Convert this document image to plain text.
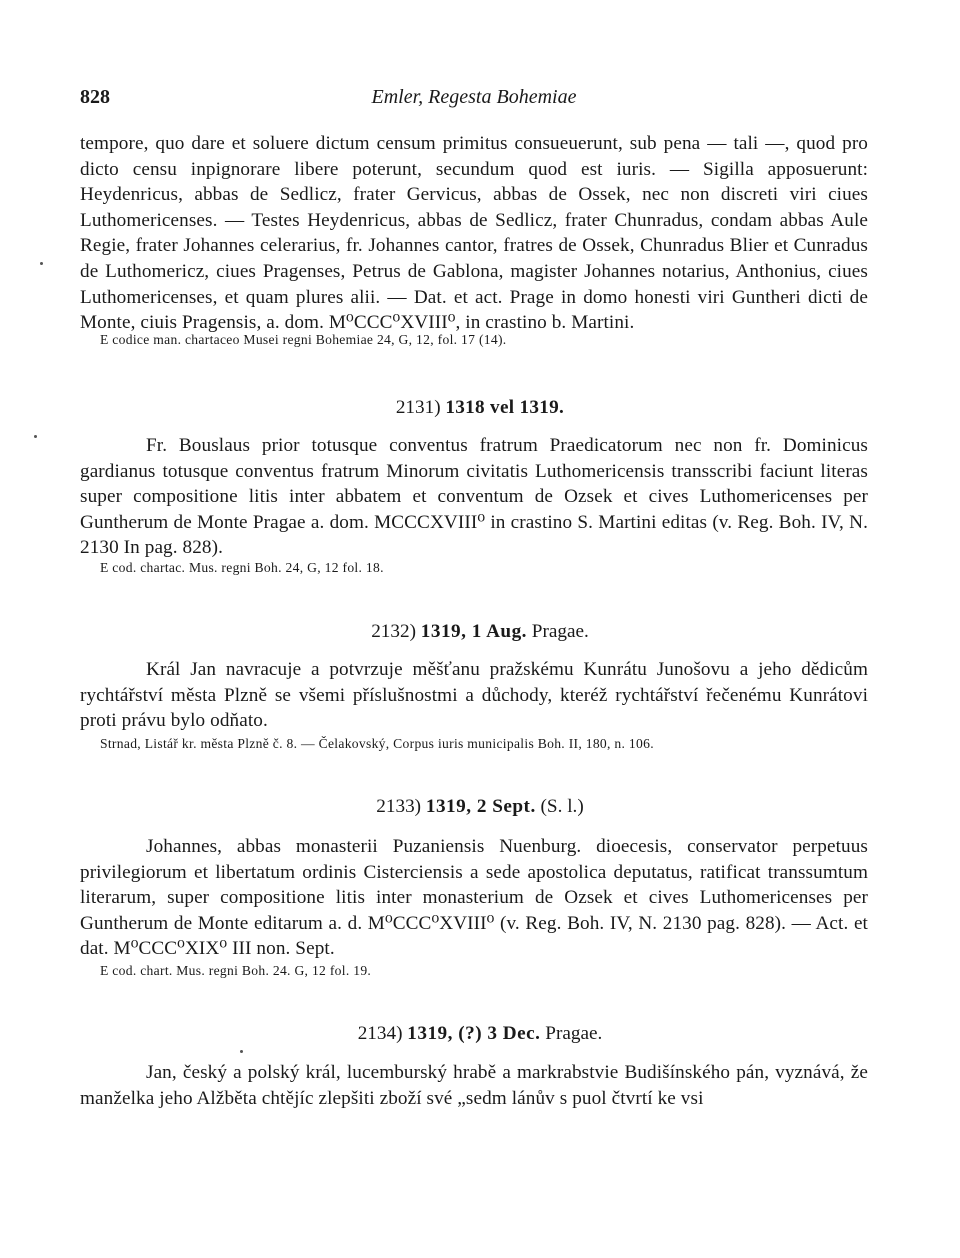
828	Emler, Regesta Bohemiae

tempore, quo dare et soluere dictum censum primitus consueuerunt, sub pena — tali —, quod pro dicto censu inpignorare libere poterunt, secundum quod est iuris. — Sigilla apposuerunt: Heydenricus, abbas de Sedlicz, frater Gervicus, abbas de Ossek, nec non discreti viri ciues Luthomericenses. — Testes Heydenricus, abbas de Sedlicz, frater Chunradus, condam abbas Aule Regie, frater Johannes celerarius, fr. Johannes cantor, fratres de Ossek, Chunradus Blier et Cunradus de Luthomericz, ciues Pragenses, Petrus de Gablona, magister Johannes notarius, Anthonius, ciues Luthomericenses, et quam plures alii. — Dat. et act. Prage in domo honesti viri Guntheri dicti de Monte, ciuis Pragensis, a. dom. M⁰CCC⁰XVIII⁰, in crastino b. Martini.

E codice man. chartaceo Musei regni Bohemiae 24, G, 12, fol. 17 (14).

2131) 1318 vel 1319.

Fr. Bouslaus prior totusque conventus fratrum Praedicatorum nec non fr. Dominicus gardianus totusque conventus fratrum Minorum civitatis Luthomericensis transscribi faciunt literas super compositione litis inter abbatem et conventum de Ozsek et cives Luthomericenses per Guntherum de Monte Pragae a. dom. MCCCXVIII⁰ in crastino S. Martini editas (v. Reg. Boh. IV, N. 2130 In pag. 828).

E cod. chartac. Mus. regni Boh. 24, G, 12 fol. 18.

2132) 1319, 1 Aug. Pragae.

Král Jan navracuje a potvrzuje měšťanu pražskému Kunrátu Junošovu a jeho dědicům rychtářství města Plzně se všemi příslušnostmi a důchody, kteréž rychtářství řečenému Kunrátovi proti právu bylo odňato.

Strnad, Listář kr. města Plzně č. 8. — Čelakovský, Corpus iuris municipalis Boh. II, 180, n. 106.

2133) 1319, 2 Sept. (S. l.)

Johannes, abbas monasterii Puzaniensis Nuenburg. dioecesis, conservator perpetuus privilegiorum et libertatum ordinis Cisterciensis a sede apostolica deputatus, ratificat transsumtum literarum, super compositione litis inter monasterium de Ozsek et cives Luthomericenses per Guntherum de Monte editarum a. d. M⁰CCC⁰XVIII⁰ (v. Reg. Boh. IV, N. 2130 pag. 828). — Act. et dat. M⁰CCC⁰XIX⁰ III non. Sept.

E cod. chart. Mus. regni Boh. 24. G, 12 fol. 19.

2134) 1319, (?) 3 Dec. Pragae.

Jan, český a polský král, lucemburský hrabě a markrabstvie Budišínského pán, vyznává, že manželka jeho Alžběta chtějíc zlepšiti zboží své „sedm lánův s puol čtvrtí ke vsi
